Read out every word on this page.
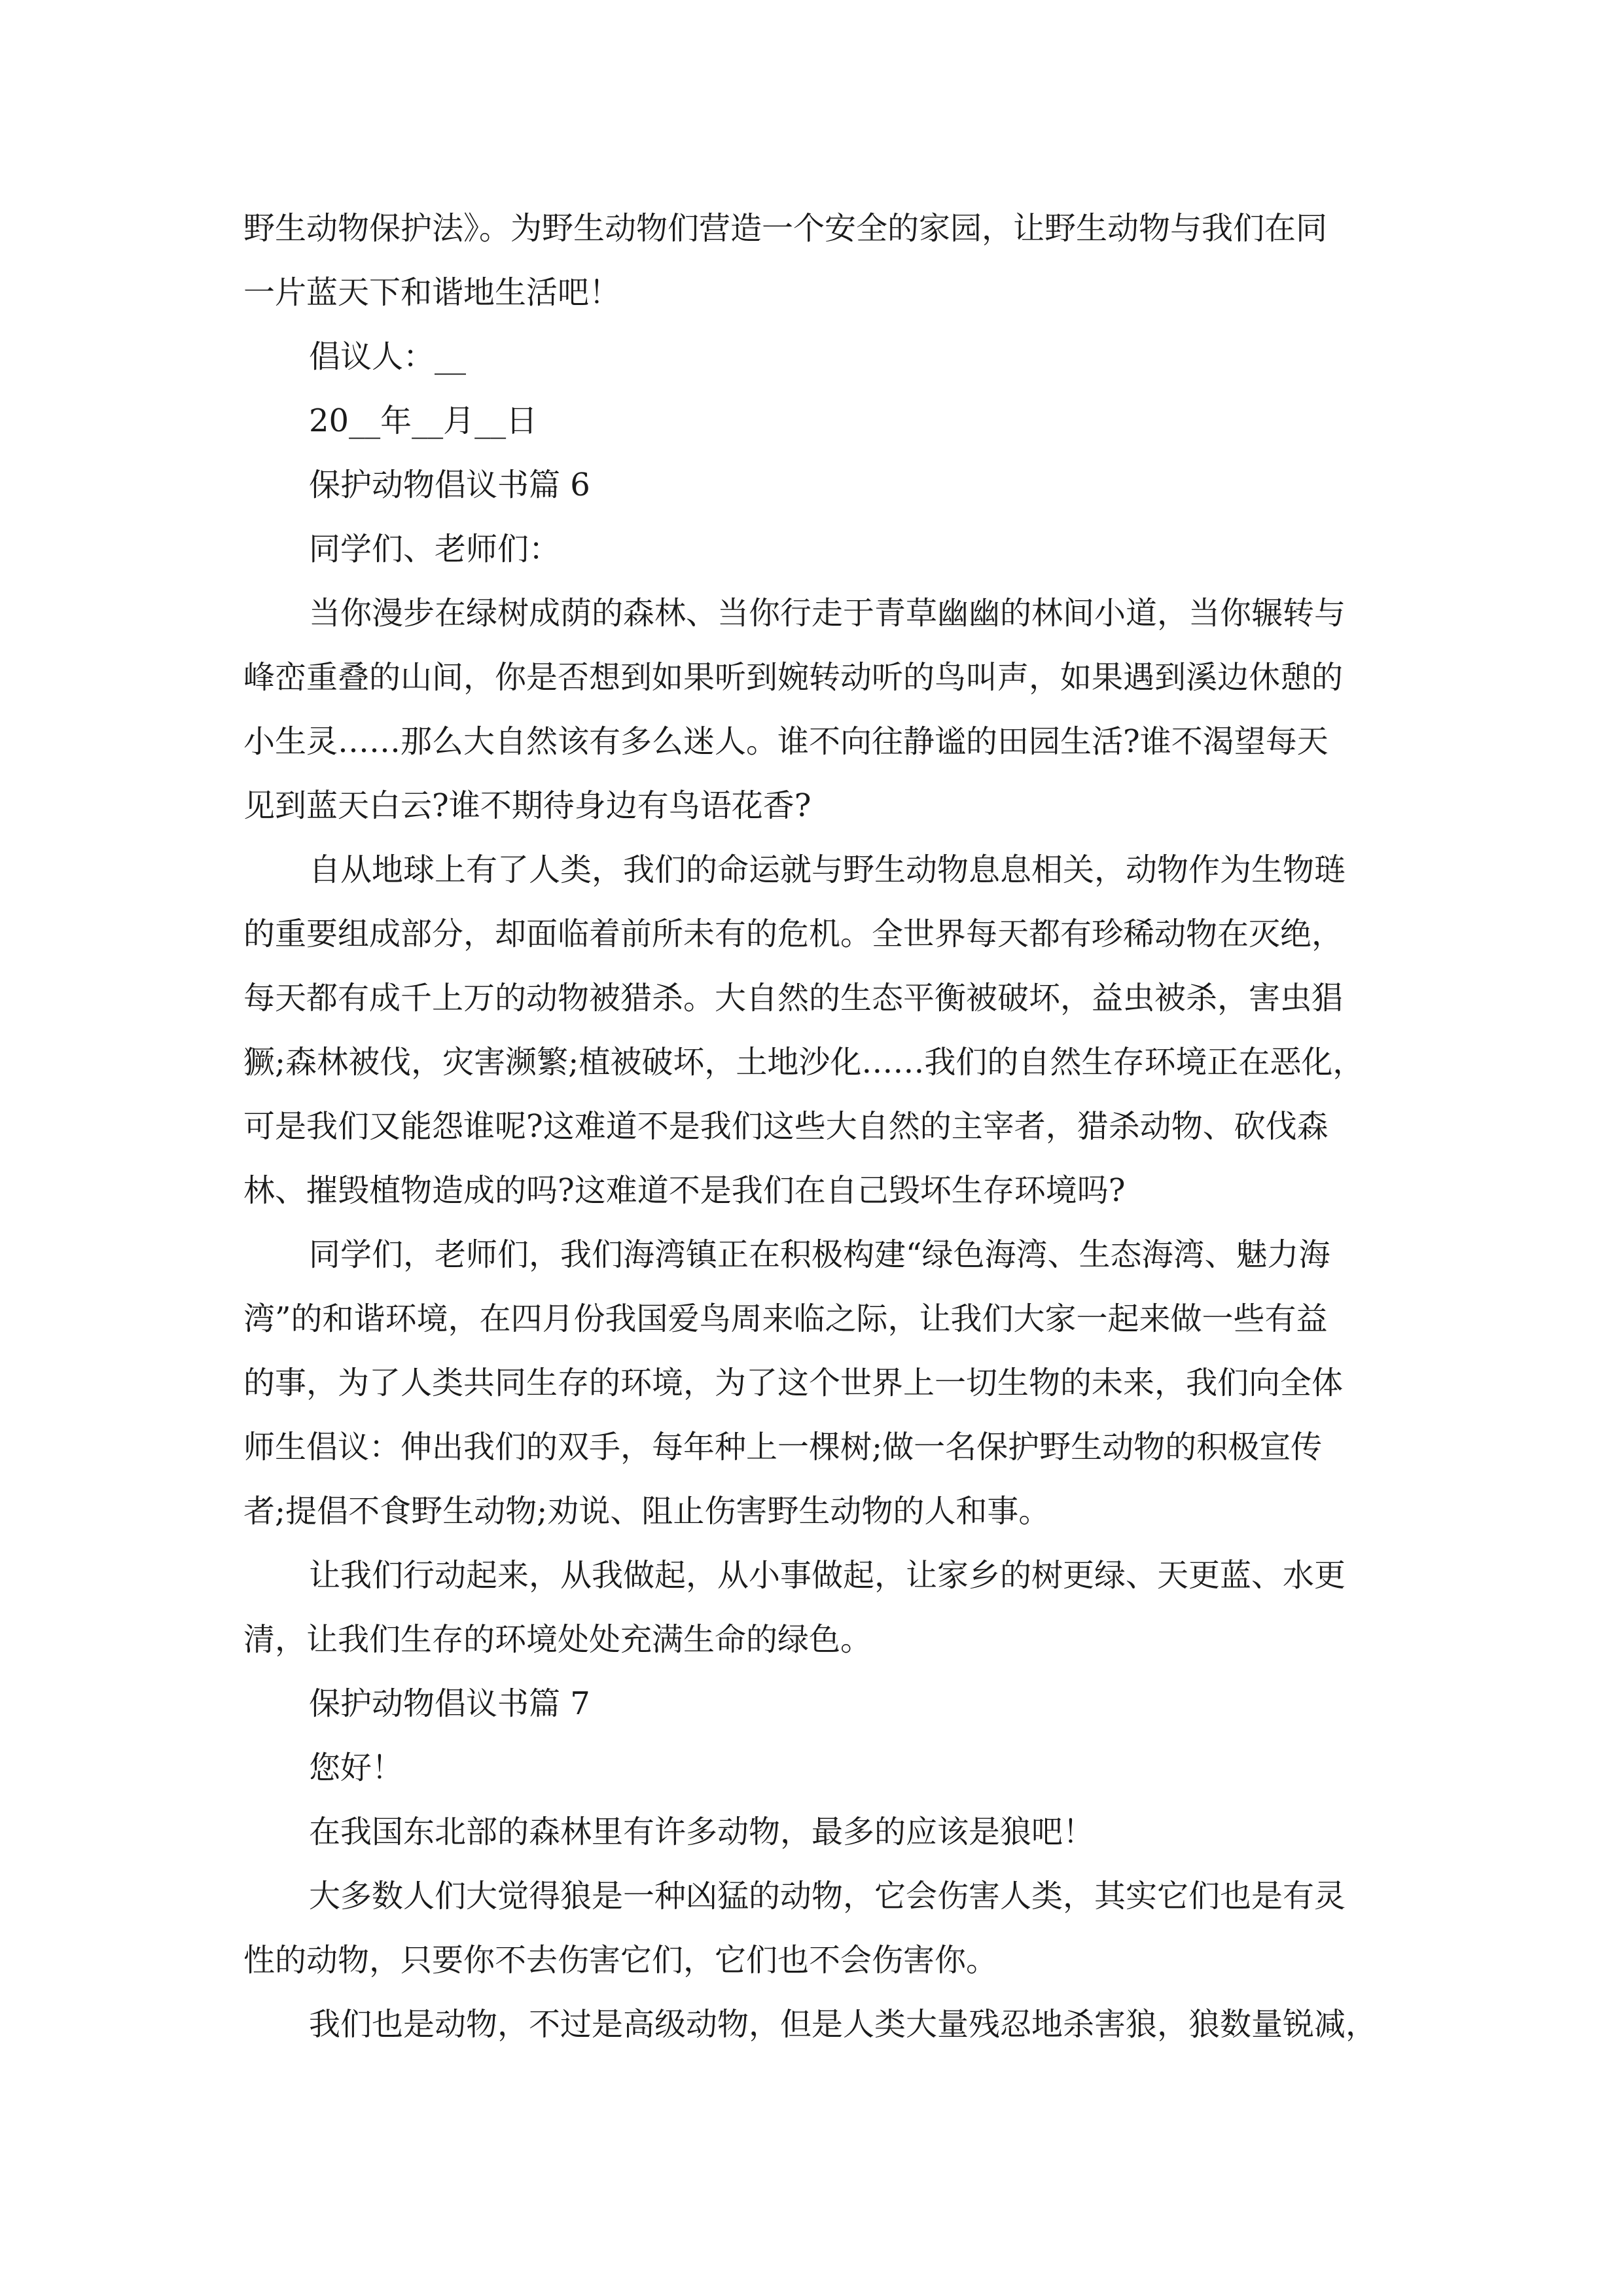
野生动物保护法》。为野生动物们营造一个安全的家园，让野生动物与我们在同
一片蓝天下和谐地生活吧！
倡议人：__
20__年__月__日
保护动物倡议书篇 6
同学们、老师们：
当你漫步在绿树成荫的森林、当你行走于青草幽幽的林间小道，当你辗转与
峰峦重叠的山间，你是否想到如果听到婉转动听的鸟叫声，如果遇到溪边休憩的
小生灵……那么大自然该有多么迷人。谁不向往静谧的田园生活?谁不渴望每天
见到蓝天白云?谁不期待身边有鸟语花香?
自从地球上有了人类，我们的命运就与野生动物息息相关，动物作为生物琏
的重要组成部分，却面临着前所未有的危机。全世界每天都有珍稀动物在灭绝，
每天都有成千上万的动物被猎杀。大自然的生态平衡被破坏，益虫被杀，害虫猖
獗;森林被伐，灾害濒繁;植被破坏，土地沙化……我们的自然生存环境正在恶化，
可是我们又能怨谁呢?这难道不是我们这些大自然的主宰者，猎杀动物、砍伐森
林、摧毁植物造成的吗?这难道不是我们在自己毁坏生存环境吗?
同学们，老师们，我们海湾镇正在积极构建“绿色海湾、生态海湾、魅力海
湾”的和谐环境，在四月份我国爱鸟周来临之际，让我们大家一起来做一些有益
的事，为了人类共同生存的环境，为了这个世界上一切生物的未来，我们向全体
师生倡议：伸出我们的双手，每年种上一棵树;做一名保护野生动物的积极宣传
者;提倡不食野生动物;劝说、阻止伤害野生动物的人和事。
让我们行动起来，从我做起，从小事做起，让家乡的树更绿、天更蓝、水更
清，让我们生存的环境处处充满生命的绿色。
保护动物倡议书篇 7
您好！
在我国东北部的森林里有许多动物，最多的应该是狼吧！
大多数人们大觉得狼是一种凶猛的动物，它会伤害人类，其实它们也是有灵
性的动物，只要你不去伤害它们，它们也不会伤害你。
我们也是动物，不过是高级动物，但是人类大量残忍地杀害狼，狼数量锐减，
